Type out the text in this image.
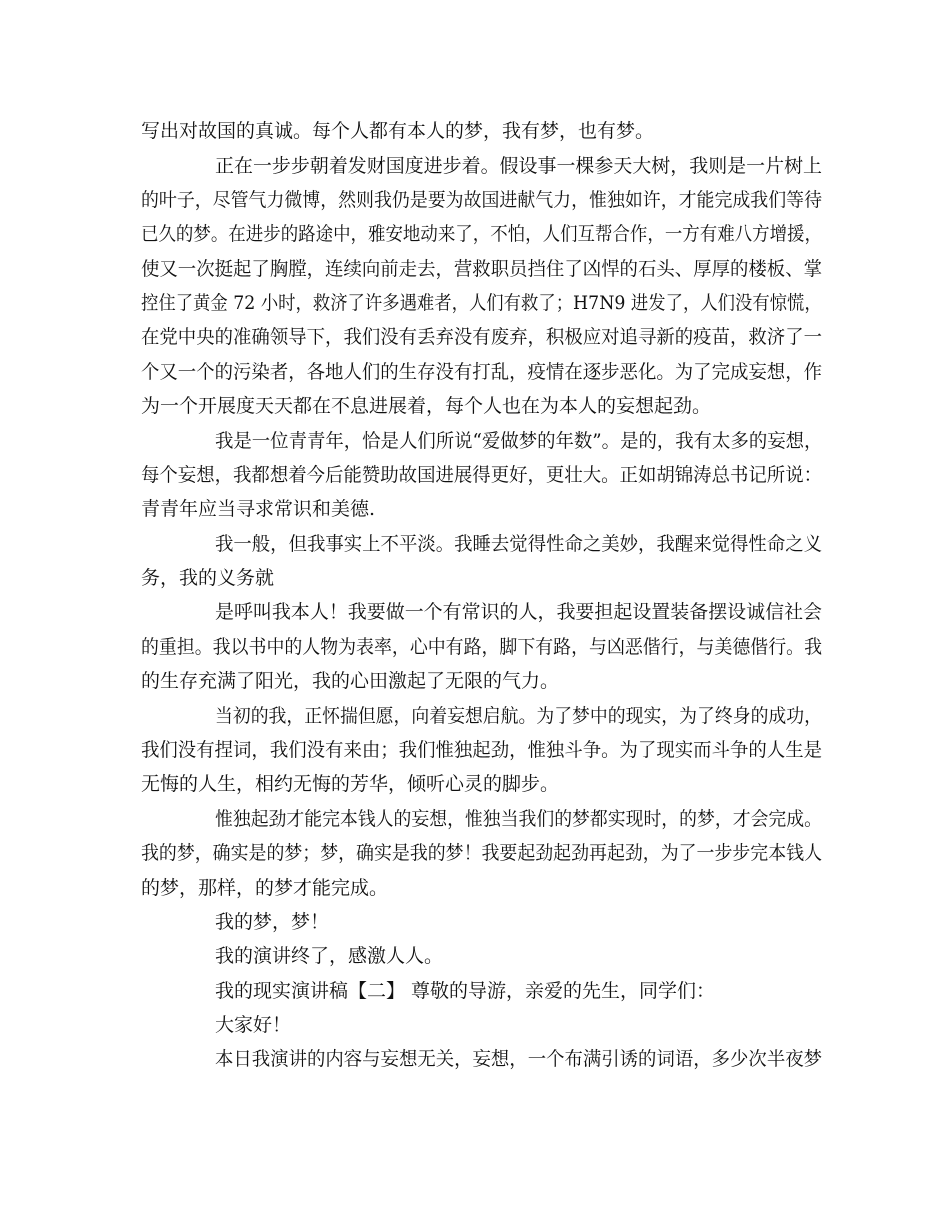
写出对故国的真诚。每个人都有本人的梦，我有梦，也有梦。
正在一步步朝着发财国度进步着。假设事一棵参天大树，我则是一片树上
的叶子，尽管气力微博，然则我仍是要为故国进献气力，惟独如许，才能完成我们等待
已久的梦。在进步的路途中，雅安地动来了，不怕，人们互帮合作，一方有难八方增援，
使又一次挺起了胸膛，连续向前走去，营救职员挡住了凶悍的石头、厚厚的楼板、掌
控住了黄金 72 小时，救济了许多遇难者，人们有救了；H7N9 进发了，人们没有惊慌，
在党中央的准确领导下，我们没有丢弃没有废弃，积极应对追寻新的疫苗，救济了一
个又一个的污染者，各地人们的生存没有打乱，疫情在逐步恶化。为了完成妄想，作
为一个开展度天天都在不息进展着，每个人也在为本人的妄想起劲。
我是一位青青年，恰是人们所说“爱做梦的年数”。是的，我有太多的妄想，
每个妄想，我都想着今后能赞助故国进展得更好，更壮大。正如胡锦涛总书记所说：
青青年应当寻求常识和美德.
我一般，但我事实上不平淡。我睡去觉得性命之美妙，我醒来觉得性命之义
务，我的义务就
是呼叫我本人！我要做一个有常识的人，我要担起设置装备摆设诚信社会
的重担。我以书中的人物为表率，心中有路，脚下有路，与凶恶偕行，与美德偕行。我
的生存充满了阳光，我的心田激起了无限的气力。
当初的我，正怀揣但愿，向着妄想启航。为了梦中的现实，为了终身的成功，
我们没有捏词，我们没有来由；我们惟独起劲，惟独斗争。为了现实而斗争的人生是
无悔的人生，相约无悔的芳华，倾听心灵的脚步。
惟独起劲才能完本钱人的妄想，惟独当我们的梦都实现时，的梦，才会完成。
我的梦，确实是的梦；梦，确实是我的梦！我要起劲起劲再起劲，为了一步步完本钱人
的梦，那样，的梦才能完成。
我的梦，梦！
我的演讲终了，感激人人。
我的现实演讲稿【二】 尊敬的导游，亲爱的先生，同学们：
大家好！
本日我演讲的内容与妄想无关，妄想，一个布满引诱的词语，多少次半夜梦
